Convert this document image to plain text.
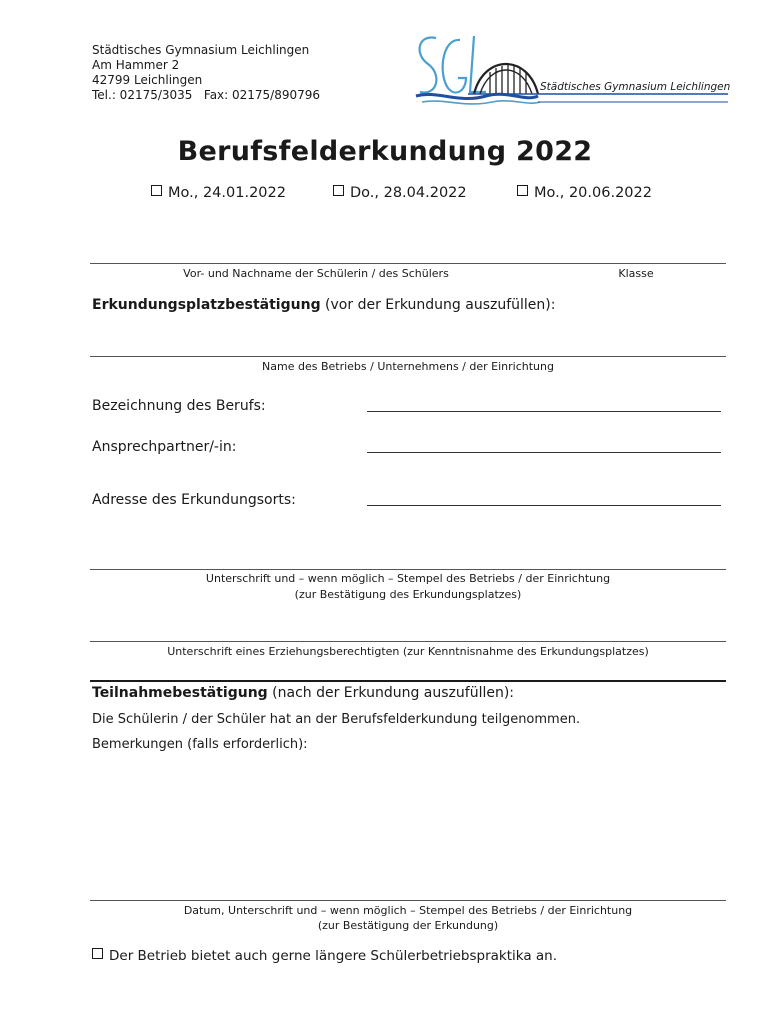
Städtisches Gymnasium Leichlingen
Am Hammer 2
42799 Leichlingen
Tel.: 02175/3035 Fax: 02175/890796
Städtisches Gymnasium Leichlingen
Berufsfelderkundung 2022
Mo., 24.01.2022	Do., 28.04.2022	Mo., 20.06.2022
Vor- und Nachname der Schülerin / des Schülers	Klasse
Erkundungsplatzbestätigung (vor der Erkundung auszufüllen):
Name des Betriebs / Unternehmens / der Einrichtung
Bezeichnung des Berufs:
Ansprechpartner/-in:
Adresse des Erkundungsorts:
Unterschrift und – wenn möglich – Stempel des Betriebs / der Einrichtung
(zur Bestätigung des Erkundungsplatzes)
Unterschrift eines Erziehungsberechtigten (zur Kenntnisnahme des Erkundungsplatzes)
Teilnahmebestätigung (nach der Erkundung auszufüllen):
Die Schülerin / der Schüler hat an der Berufsfelderkundung teilgenommen.
Bemerkungen (falls erforderlich):
Datum, Unterschrift und – wenn möglich – Stempel des Betriebs / der Einrichtung
(zur Bestätigung der Erkundung)
Der Betrieb bietet auch gerne längere Schülerbetriebspraktika an.
